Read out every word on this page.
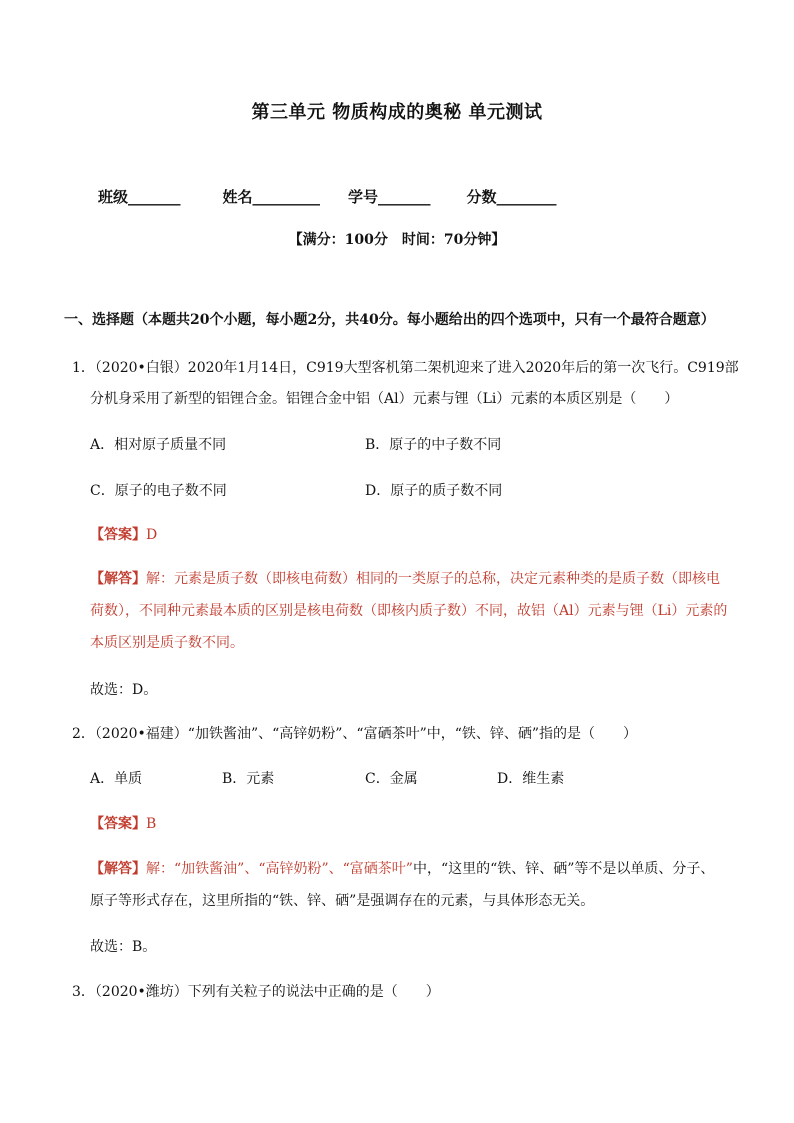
第三单元 物质构成的奥秘 单元测试
班级_______	姓名_________ 学号_______ 分数________
【满分：100分　时间：70分钟】
一、选择题（本题共20个小题，每小题2分，共40分。每小题给出的四个选项中，只有一个最符合题意）
1．（2020•白银）2020年1月14日，C919大型客机第二架机迎来了进入2020年后的第一次飞行。C919部
分机身采用了新型的铝锂合金。铝锂合金中铝（Al）元素与锂（Li）元素的本质区别是（　　）
A．相对原子质量不同	B．原子的中子数不同
C．原子的电子数不同	D．原子的质子数不同
【答案】D
【解答】解：元素是质子数（即核电荷数）相同的一类原子的总称，决定元素种类的是质子数（即核电
荷数），不同种元素最本质的区别是核电荷数（即核内质子数）不同，故铝（Al）元素与锂（Li）元素的
本质区别是质子数不同。
故选：D。
2．（2020•福建）“加铁酱油”、“高锌奶粉”、“富硒茶叶”中，“铁、锌、硒”指的是（　　）
A．单质	B．元素	C．金属	D．维生素
【答案】B
【解答】解：“加铁酱油”、“高锌奶粉”、“富硒茶叶”中，“这里的“铁、锌、硒”等不是以单质、分子、
原子等形式存在，这里所指的“铁、锌、硒”是强调存在的元素，与具体形态无关。
故选：B。
3．（2020•潍坊）下列有关粒子的说法中正确的是（　　）
